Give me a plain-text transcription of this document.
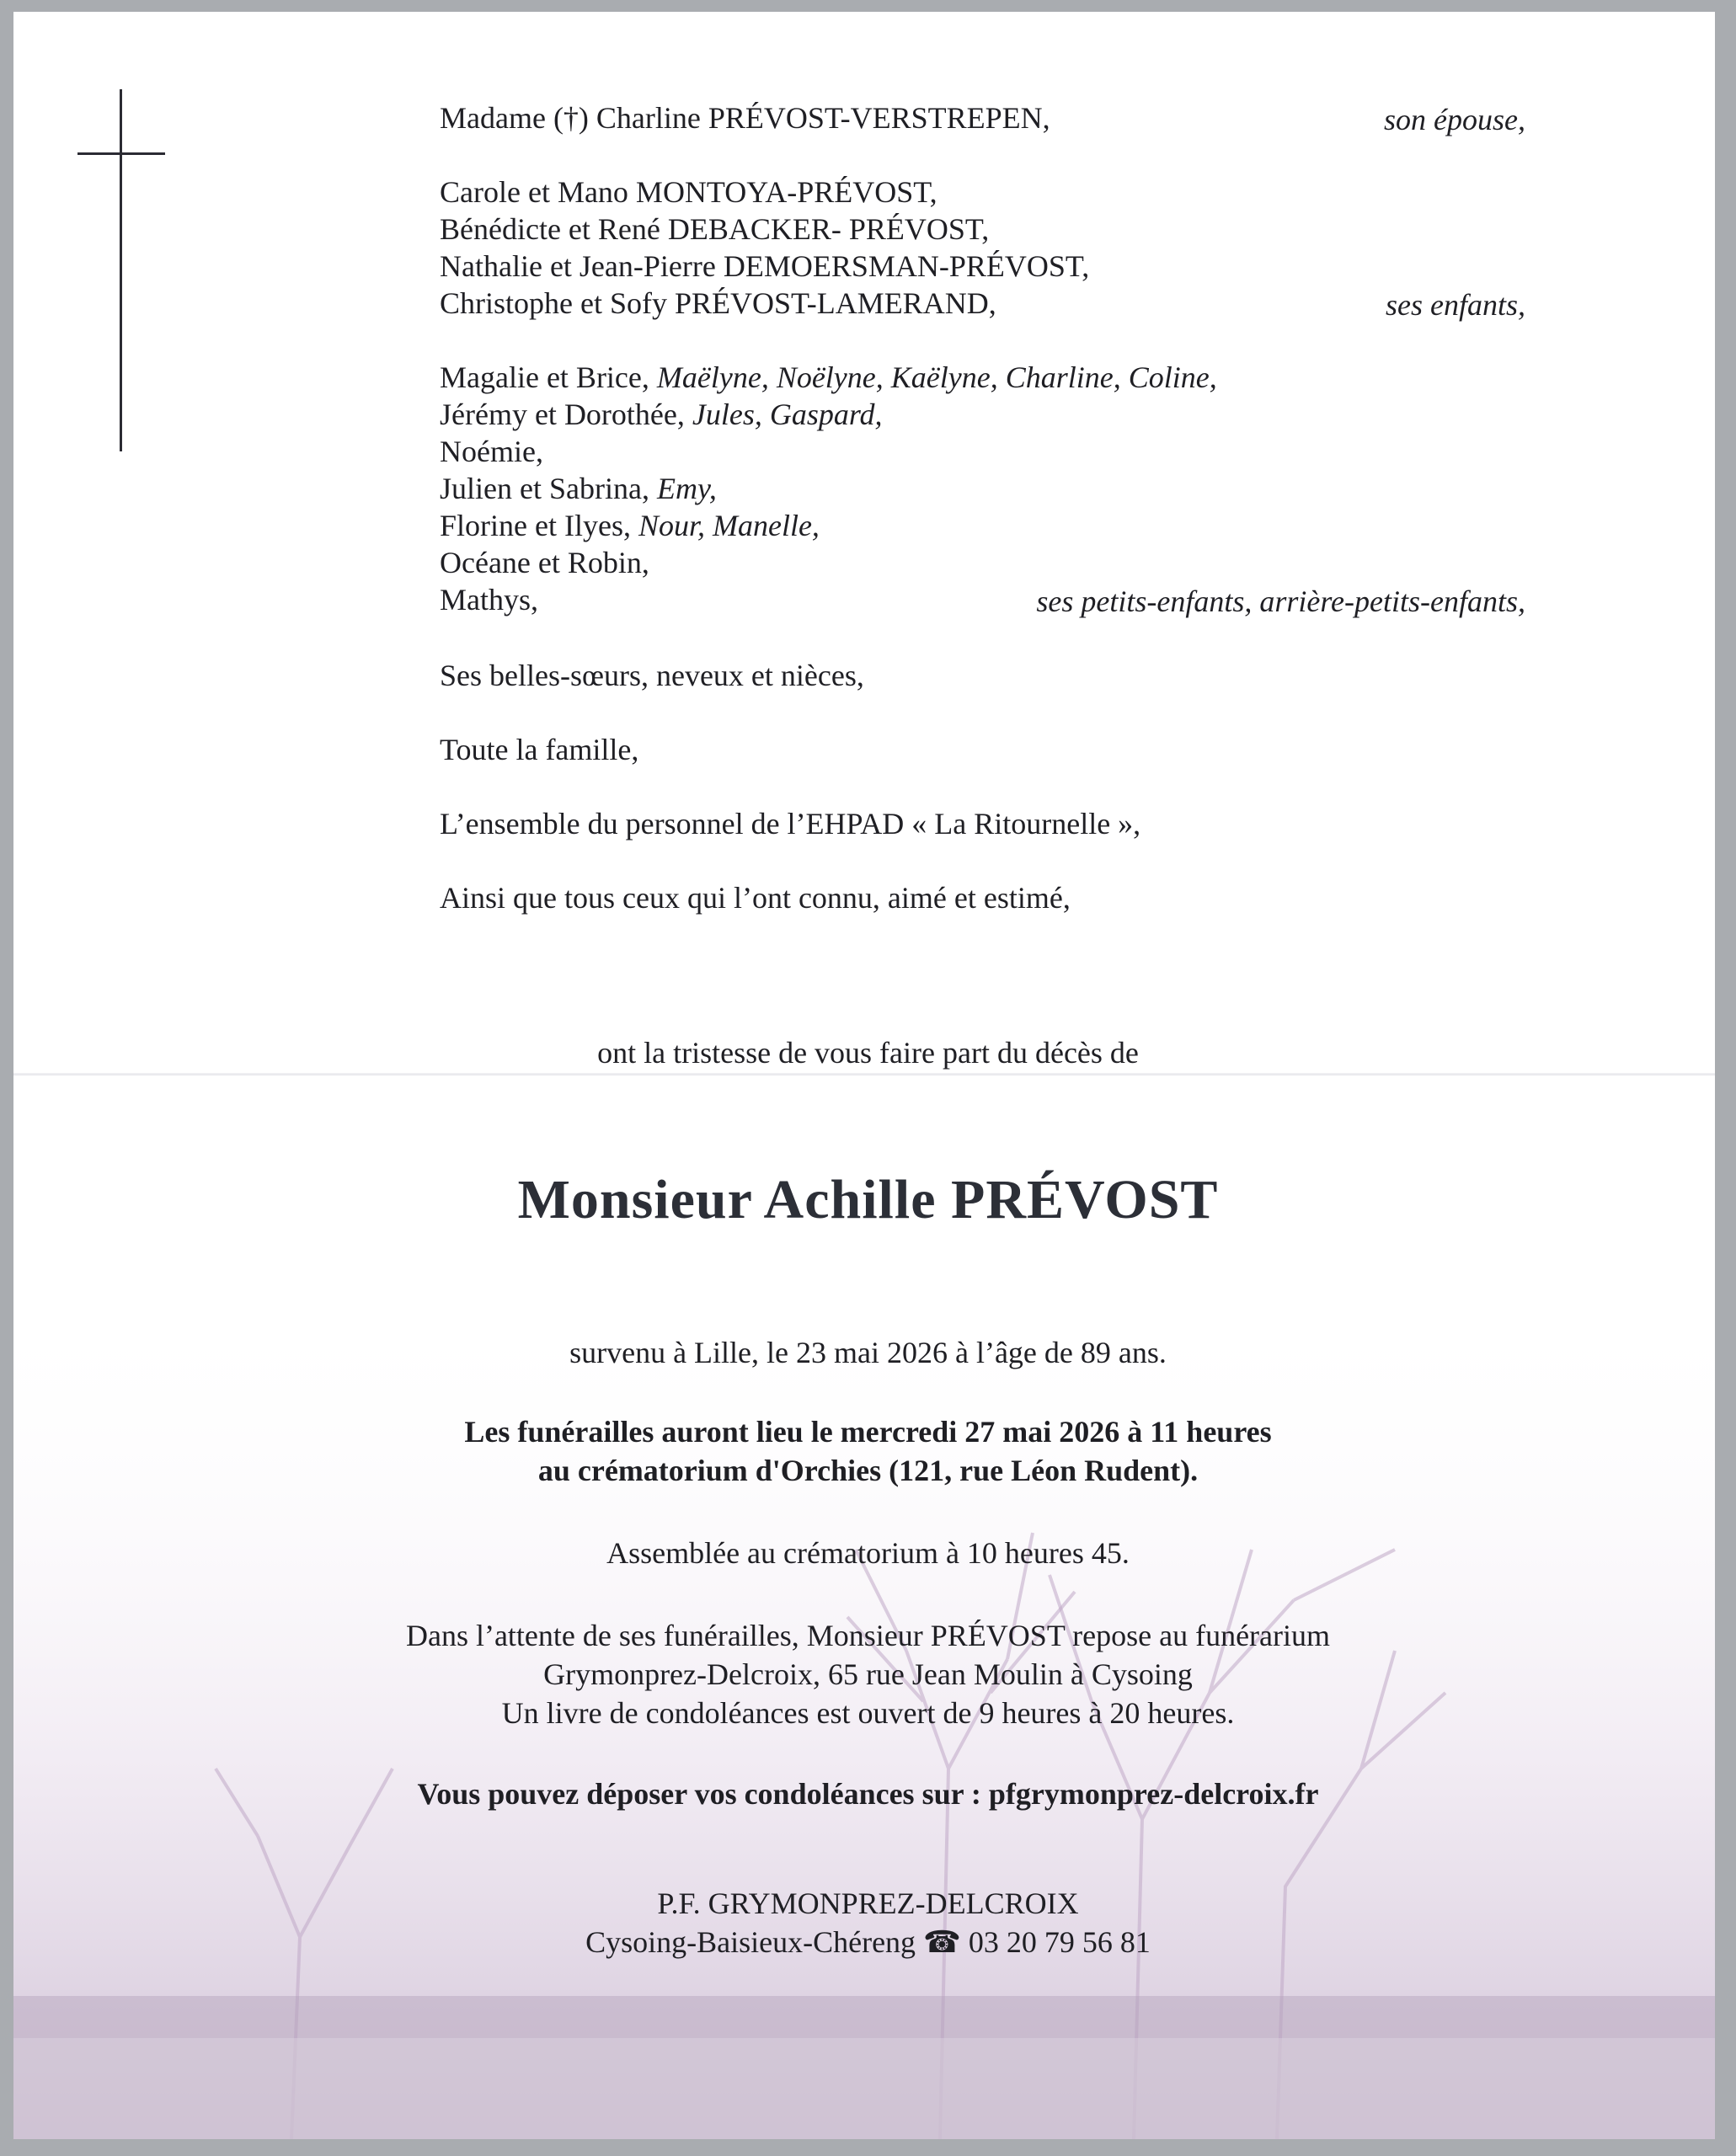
Madame (†) Charline PRÉVOST-VERSTREPEN,	son épouse,
Carole et Mano MONTOYA-PRÉVOST,
Bénédicte et René DEBACKER- PRÉVOST,
Nathalie et Jean-Pierre DEMOERSMAN-PRÉVOST,
Christophe et Sofy PRÉVOST-LAMERAND,	ses enfants,
Magalie et Brice, Maëlyne, Noëlyne, Kaëlyne, Charline, Coline,
Jérémy et Dorothée, Jules, Gaspard,
Noémie,
Julien et Sabrina, Emy,
Florine et Ilyes, Nour, Manelle,
Océane et Robin,
Mathys,	ses petits-enfants, arrière-petits-enfants,
Ses belles-sœurs, neveux et nièces,
Toute la famille,
L’ensemble du personnel de l’EHPAD « La Ritournelle »,
Ainsi que tous ceux qui l’ont connu, aimé et estimé,
ont la tristesse de vous faire part du décès de
Monsieur Achille PRÉVOST
survenu à Lille, le 23 mai 2026 à l’âge de 89 ans.
Les funérailles auront lieu le mercredi 27 mai 2026 à 11 heures
au crématorium d'Orchies (121, rue Léon Rudent).
Assemblée au crématorium à 10 heures 45.
Dans l’attente de ses funérailles, Monsieur PRÉVOST repose au funérarium
Grymonprez-Delcroix, 65 rue Jean Moulin à Cysoing
Un livre de condoléances est ouvert de 9 heures à 20 heures.
Vous pouvez déposer vos condoléances sur : pfgrymonprez-delcroix.fr
P.F. GRYMONPREZ-DELCROIX
Cysoing-Baisieux-Chéreng ☎ 03 20 79 56 81
